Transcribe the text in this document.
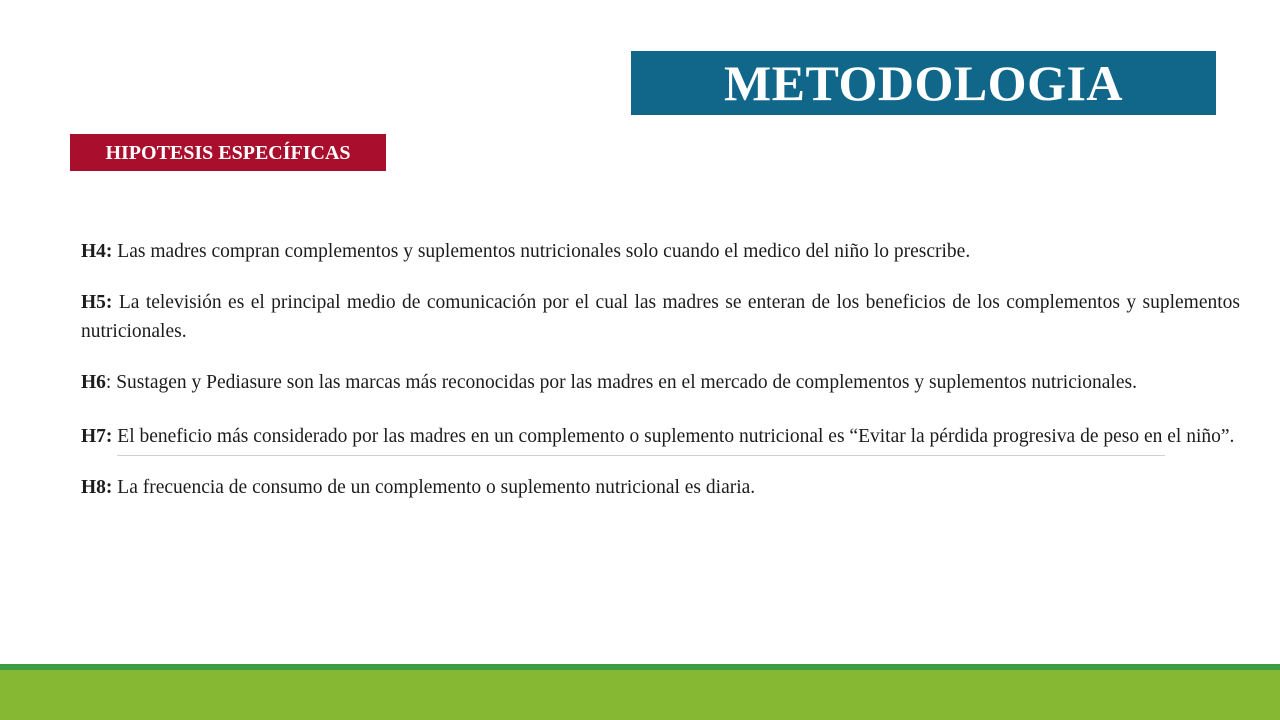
METODOLOGIA
HIPOTESIS ESPECÍFICAS

H4: Las madres compran complementos y suplementos nutricionales solo cuando el medico del niño lo prescribe.

H5: La televisión es el principal medio de comunicación por el cual las madres se enteran de los beneficios de los complementos y suplementos nutricionales.

H6: Sustagen y Pediasure son las marcas más reconocidas por las madres en el mercado de complementos y suplementos nutricionales.

H7: El beneficio más considerado por las madres en un complemento o suplemento nutricional es “Evitar la pérdida progresiva de peso en el niño”.

H8: La frecuencia de consumo de un complemento o suplemento nutricional es diaria.
